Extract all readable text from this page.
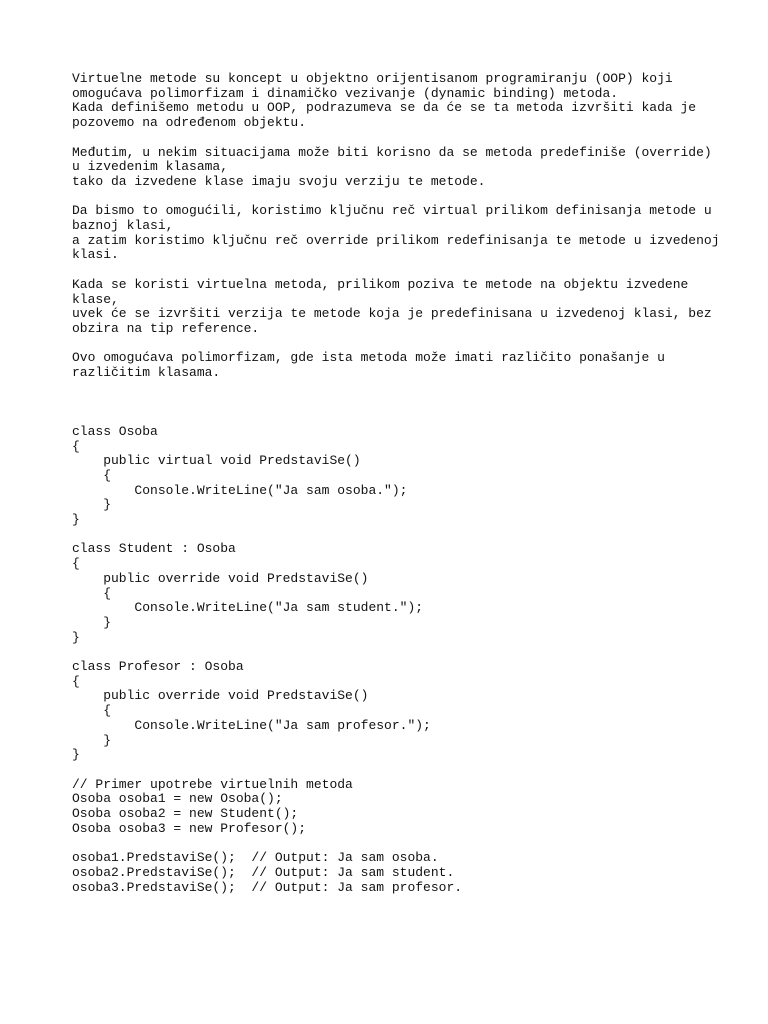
Virtuelne metode su koncept u objektno orijentisanom programiranju (OOP) koji
omogućava polimorfizam i dinamičko vezivanje (dynamic binding) metoda.
Kada definišemo metodu u OOP, podrazumeva se da će se ta metoda izvršiti kada je
pozovemo na određenom objektu.
Međutim, u nekim situacijama može biti korisno da se metoda predefiniše (override)
u izvedenim klasama,
tako da izvedene klase imaju svoju verziju te metode.
Da bismo to omogućili, koristimo ključnu reč virtual prilikom definisanja metode u
baznoj klasi,
a zatim koristimo ključnu reč override prilikom redefinisanja te metode u izvedenoj
klasi.
Kada se koristi virtuelna metoda, prilikom poziva te metode na objektu izvedene
klase,
uvek će se izvršiti verzija te metode koja je predefinisana u izvedenoj klasi, bez
obzira na tip reference.
Ovo omogućava polimorfizam, gde ista metoda može imati različito ponašanje u
različitim klasama.
class Osoba
{
public virtual void PredstaviSe()
{
Console.WriteLine("Ja sam osoba.");
}
}
class Student : Osoba
{
public override void PredstaviSe()
{
Console.WriteLine("Ja sam student.");
}
}
class Profesor : Osoba
{
public override void PredstaviSe()
{
Console.WriteLine("Ja sam profesor.");
}
}
// Primer upotrebe virtuelnih metoda
Osoba osoba1 = new Osoba();
Osoba osoba2 = new Student();
Osoba osoba3 = new Profesor();
osoba1.PredstaviSe();  // Output: Ja sam osoba.
osoba2.PredstaviSe();  // Output: Ja sam student.
osoba3.PredstaviSe();  // Output: Ja sam profesor.
